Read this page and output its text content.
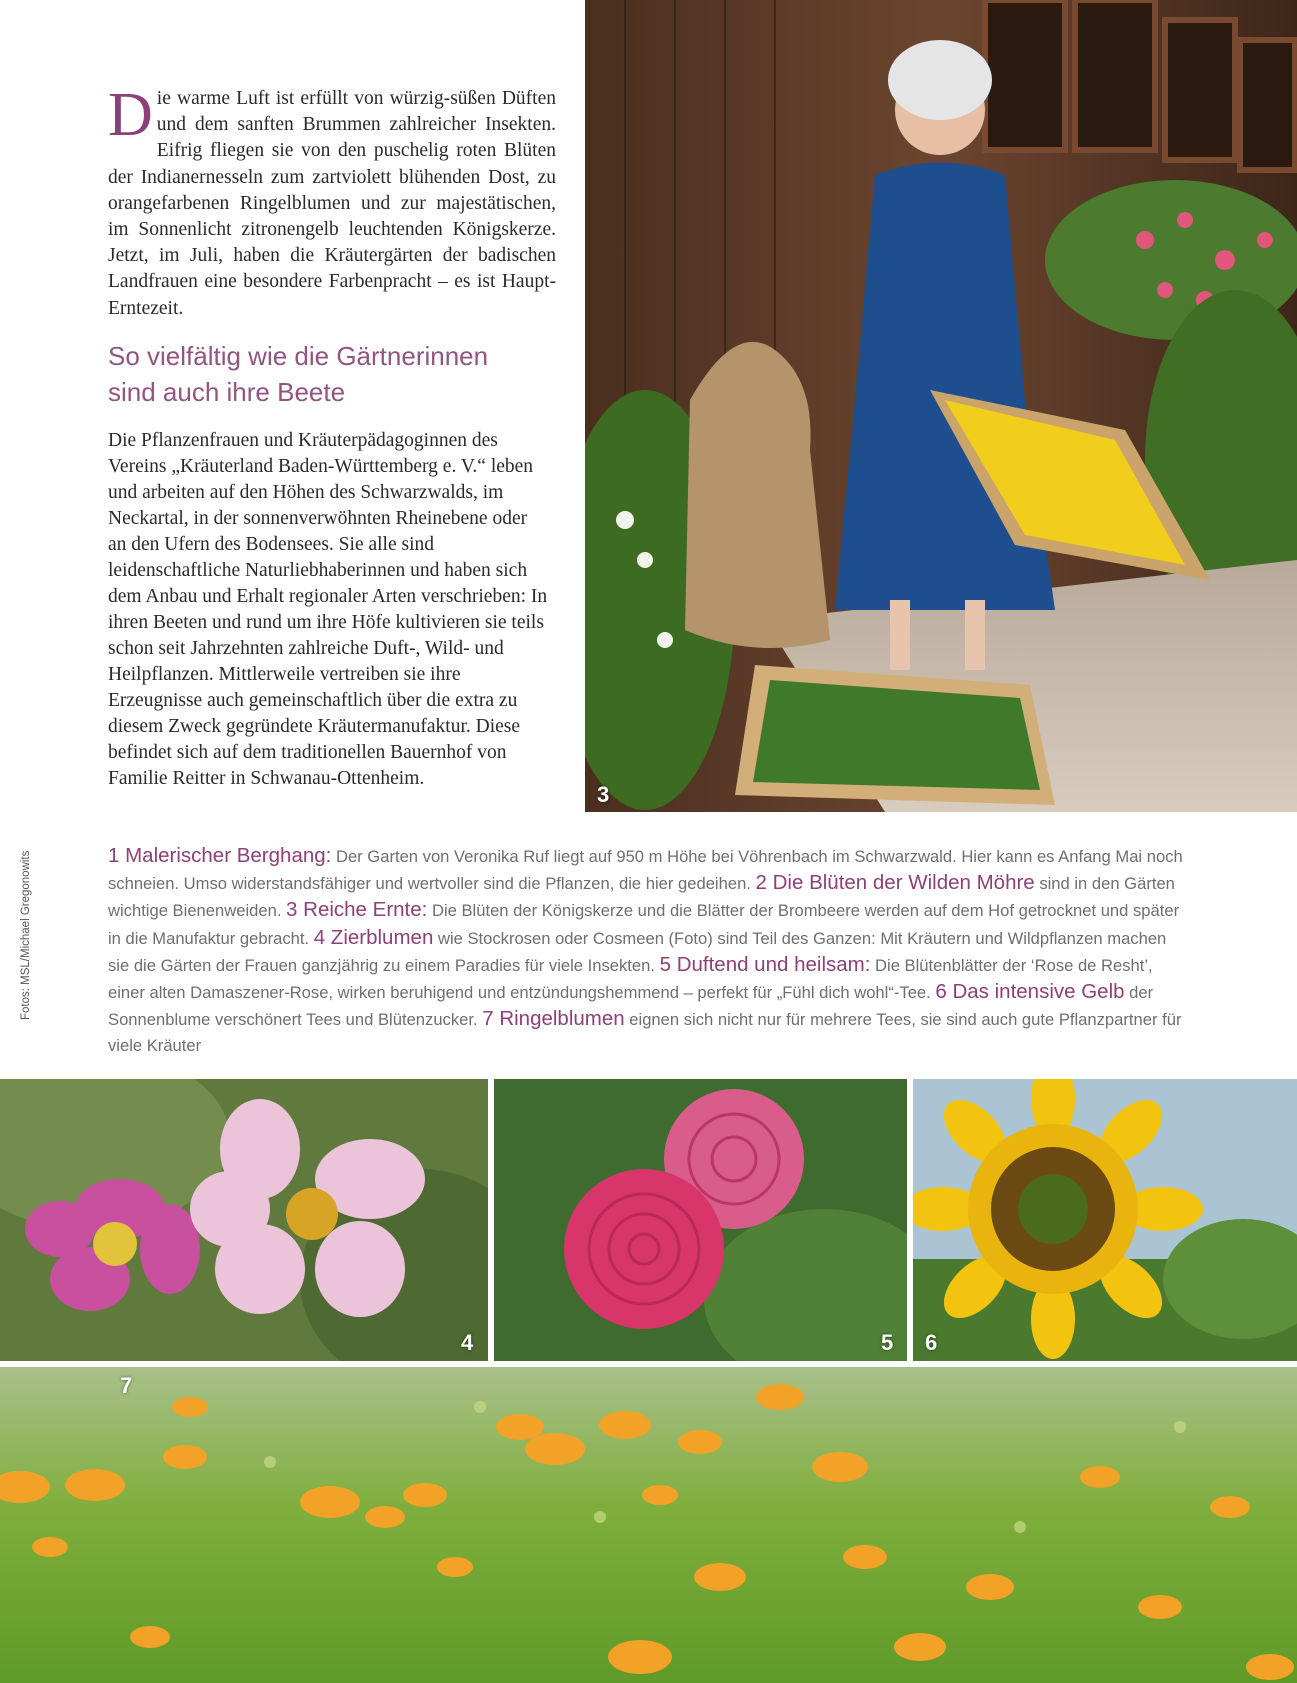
Die warme Luft ist erfüllt von würzig-süßen Düften und dem sanften Brummen zahlreicher Insekten. Eifrig fliegen sie von den puschelig roten Blüten der Indianernesseln zum zartviolett blühenden Dost, zu orangefarbenen Ringelblumen und zur majestätischen, im Sonnenlicht zitronengelb leuchtenden Königskerze. Jetzt, im Juli, haben die Kräutergärten der badischen Landfrauen eine besondere Farbenpracht – es ist Haupt-Erntezeit.

So vielfältig wie die Gärtnerinnen
sind auch ihre Beete

Die Pflanzenfrauen und Kräuterpädagoginnen des Vereins „Kräuterland Baden-Württemberg e. V.“ leben und arbeiten auf den Höhen des Schwarzwalds, im Neckartal, in der sonnenverwöhnten Rheinebene oder an den Ufern des Bodensees. Sie alle sind leidenschaftliche Naturliebhaberinnen und haben sich dem Anbau und Erhalt regionaler Arten verschrieben: In ihren Beeten und rund um ihre Höfe kultivieren sie teils schon seit Jahrzehnten zahlreiche Duft-, Wild- und Heilpflanzen. Mittlerweile vertreiben sie ihre Erzeugnisse auch gemeinschaftlich über die extra zu diesem Zweck gegründete Kräutermanufaktur. Diese befindet sich auf dem traditionellen Bauernhof von Familie Reitter in Schwanau-Ottenheim.

3
Fotos: MSL/Michael Gregonowits	1 Malerischer Berghang: Der Garten von Veronika Ruf liegt auf 950 m Höhe bei Vöhrenbach im Schwarzwald. Hier kann es Anfang Mai noch schneien. Umso widerstandsfähiger und wertvoller sind die Pflanzen, die hier gedeihen. 2 Die Blüten der Wilden Möhre sind in den Gärten wichtige Bienenweiden. 3 Reiche Ernte: Die Blüten der Königskerze und die Blätter der Brombeere werden auf dem Hof getrocknet und später in die Manufaktur gebracht. 4 Zierblumen wie Stockrosen oder Cosmeen (Foto) sind Teil des Ganzen: Mit Kräutern und Wildpflanzen machen sie die Gärten der Frauen ganzjährig zu einem Paradies für viele Insekten. 5 Duftend und heilsam: Die Blütenblätter der ‘Rose de Resht’, einer alten Damaszener-Rose, wirken beruhigend und entzündungshemmend – perfekt für „Fühl dich wohl“-Tee. 6 Das intensive Gelb der Sonnenblume verschönert Tees und Blütenzucker. 7 Ringelblumen eignen sich nicht nur für mehrere Tees, sie sind auch gute Pflanzpartner für viele Kräuter

4	5 6
7
